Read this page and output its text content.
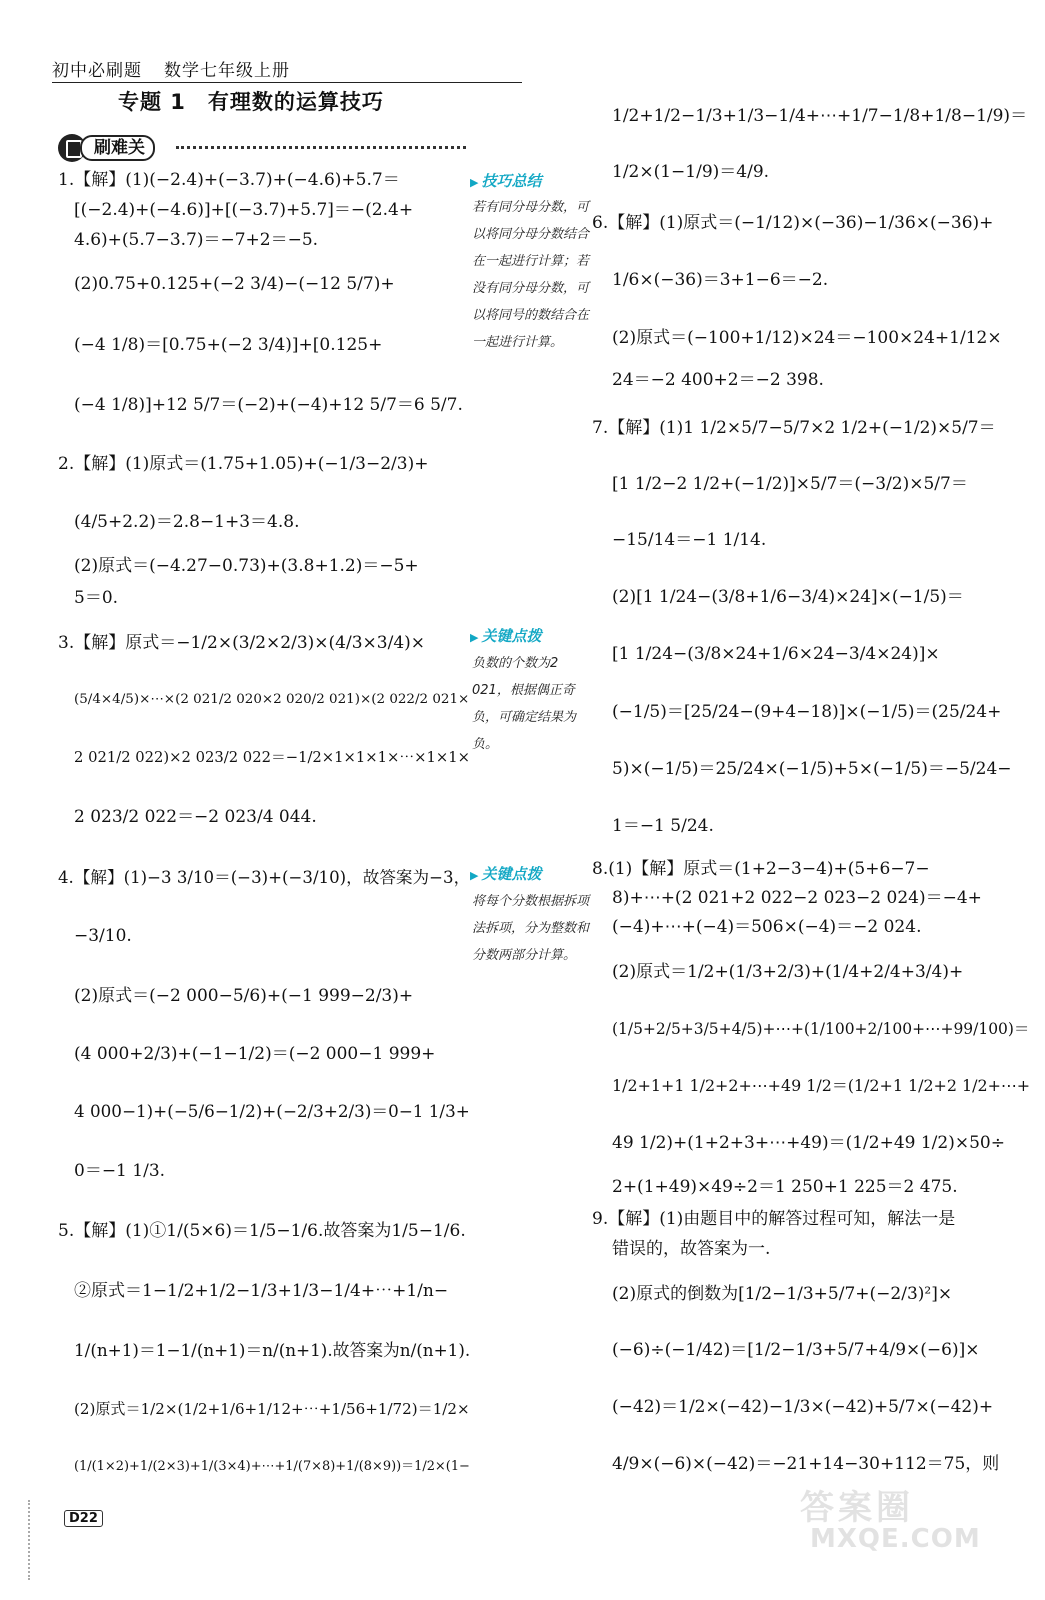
初中必刷题 数学七年级上册
专题 1　有理数的运算技巧
刷难关
1.【解】(1)(−2.4)+(−3.7)+(−4.6)+5.7＝
[(−2.4)+(−4.6)]+[(−3.7)+5.7]＝−(2.4+
4.6)+(5.7−3.7)＝−7+2＝−5.
(2)0.75+0.125+(−2 3/4)−(−12 5/7)+
(−4 1/8)＝[0.75+(−2 3/4)]+[0.125+
(−4 1/8)]+12 5/7＝(−2)+(−4)+12 5/7＝6 5/7.
2.【解】(1)原式＝(1.75+1.05)+(−1/3−2/3)+
(4/5+2.2)＝2.8−1+3＝4.8.
(2)原式＝(−4.27−0.73)+(3.8+1.2)＝−5+
5＝0.
3.【解】原式＝−1/2×(3/2×2/3)×(4/3×3/4)×
(5/4×4/5)×⋯×(2 021/2 020×2 020/2 021)×(2 022/2 021×
2 021/2 022)×2 023/2 022＝−1/2×1×1×1×⋯×1×1×
2 023/2 022＝−2 023/4 044.
4.【解】(1)−3 3/10＝(−3)+(−3/10)，故答案为−3，
−3/10.
(2)原式＝(−2 000−5/6)+(−1 999−2/3)+
(4 000+2/3)+(−1−1/2)＝(−2 000−1 999+
4 000−1)+(−5/6−1/2)+(−2/3+2/3)＝0−1 1/3+
0＝−1 1/3.
5.【解】(1)①1/(5×6)＝1/5−1/6.故答案为1/5−1/6.
②原式＝1−1/2+1/2−1/3+1/3−1/4+⋯+1/n−
1/(n+1)＝1−1/(n+1)＝n/(n+1).故答案为n/(n+1).
(2)原式＝1/2×(1/2+1/6+1/12+⋯+1/56+1/72)＝1/2×
(1/(1×2)+1/(2×3)+1/(3×4)+⋯+1/(7×8)+1/(8×9))＝1/2×(1−
▶ 技巧总结
若有同分母分数，可以将同分母分数结合在一起进行计算；若没有同分母分数，可以将同号的数结合在一起进行计算。
▶ 关键点拨
负数的个数为2 021，根据偶正奇负，可确定结果为负。
▶ 关键点拨
将每个分数根据拆项法拆项，分为整数和分数两部分计算。
1/2+1/2−1/3+1/3−1/4+⋯+1/7−1/8+1/8−1/9)＝
1/2×(1−1/9)＝4/9.
6.【解】(1)原式＝(−1/12)×(−36)−1/36×(−36)+
1/6×(−36)＝3+1−6＝−2.
(2)原式＝(−100+1/12)×24＝−100×24+1/12×
24＝−2 400+2＝−2 398.
7.【解】(1)1 1/2×5/7−5/7×2 1/2+(−1/2)×5/7＝
[1 1/2−2 1/2+(−1/2)]×5/7＝(−3/2)×5/7＝
−15/14＝−1 1/14.
(2)[1 1/24−(3/8+1/6−3/4)×24]×(−1/5)＝
[1 1/24−(3/8×24+1/6×24−3/4×24)]×
(−1/5)＝[25/24−(9+4−18)]×(−1/5)＝(25/24+
5)×(−1/5)＝25/24×(−1/5)+5×(−1/5)＝−5/24−
1＝−1 5/24.
8.(1)【解】原式＝(1+2−3−4)+(5+6−7−
8)+⋯+(2 021+2 022−2 023−2 024)＝−4+
(−4)+⋯+(−4)＝506×(−4)＝−2 024.
(2)原式＝1/2+(1/3+2/3)+(1/4+2/4+3/4)+
(1/5+2/5+3/5+4/5)+⋯+(1/100+2/100+⋯+99/100)＝
1/2+1+1 1/2+2+⋯+49 1/2＝(1/2+1 1/2+2 1/2+⋯+
49 1/2)+(1+2+3+⋯+49)＝(1/2+49 1/2)×50÷
2+(1+49)×49÷2＝1 250+1 225＝2 475.
9.【解】(1)由题目中的解答过程可知，解法一是
错误的，故答案为一.
(2)原式的倒数为[1/2−1/3+5/7+(−2/3)²]×
(−6)÷(−1/42)＝[1/2−1/3+5/7+4/9×(−6)]×
(−42)＝1/2×(−42)−1/3×(−42)+5/7×(−42)+
4/9×(−6)×(−42)＝−21+14−30+112＝75，则
D22	答案圈
MXQE.COM
